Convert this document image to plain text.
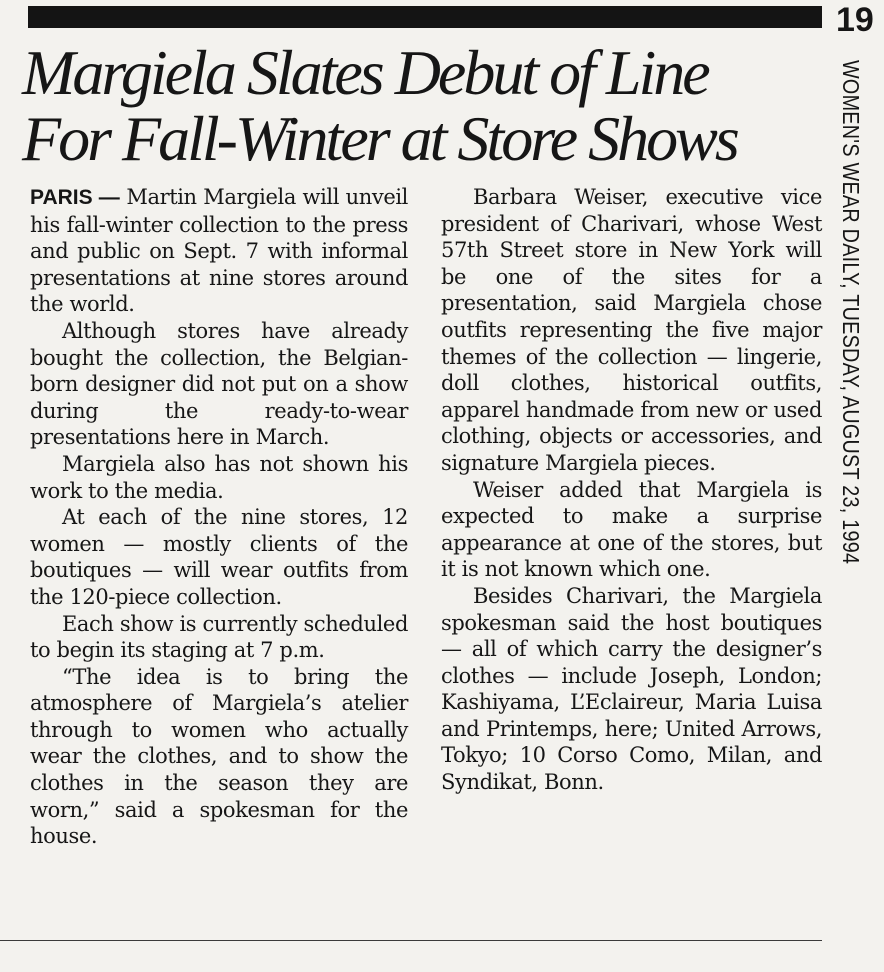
19
WOMEN'S WEAR DAILY, TUESDAY, AUGUST 23, 1994
Margiela Slates Debut of Line
For Fall-Winter at Store Shows

PARIS — Martin Margiela will unveil his fall-winter collection to the press and public on Sept. 7 with informal presentations at nine stores around the world.

Although stores have already bought the collection, the Belgian-born designer did not put on a show during the ready-to-wear presentations here in March.

Margiela also has not shown his work to the media.

At each of the nine stores, 12 women — mostly clients of the boutiques — will wear outfits from the 120-piece collection.

Each show is currently scheduled to begin its staging at 7 p.m.

“The idea is to bring the atmosphere of Margiela’s atelier through to women who actually wear the clothes, and to show the clothes in the season they are worn,” said a spokesman for the house.

Barbara Weiser, executive vice president of Charivari, whose West 57th Street store in New York will be one of the sites for a presentation, said Margiela chose outfits representing the five major themes of the collection — lingerie, doll clothes, historical outfits, apparel handmade from new or used clothing, objects or accessories, and signature Margiela pieces.

Weiser added that Margiela is expected to make a surprise appearance at one of the stores, but it is not known which one.

Besides Charivari, the Margiela spokesman said the host boutiques — all of which carry the designer’s clothes — include Joseph, London; Kashiyama, L’Eclaireur, Maria Luisa and Printemps, here; United Arrows, Tokyo; 10 Corso Como, Milan, and Syndikat, Bonn.
